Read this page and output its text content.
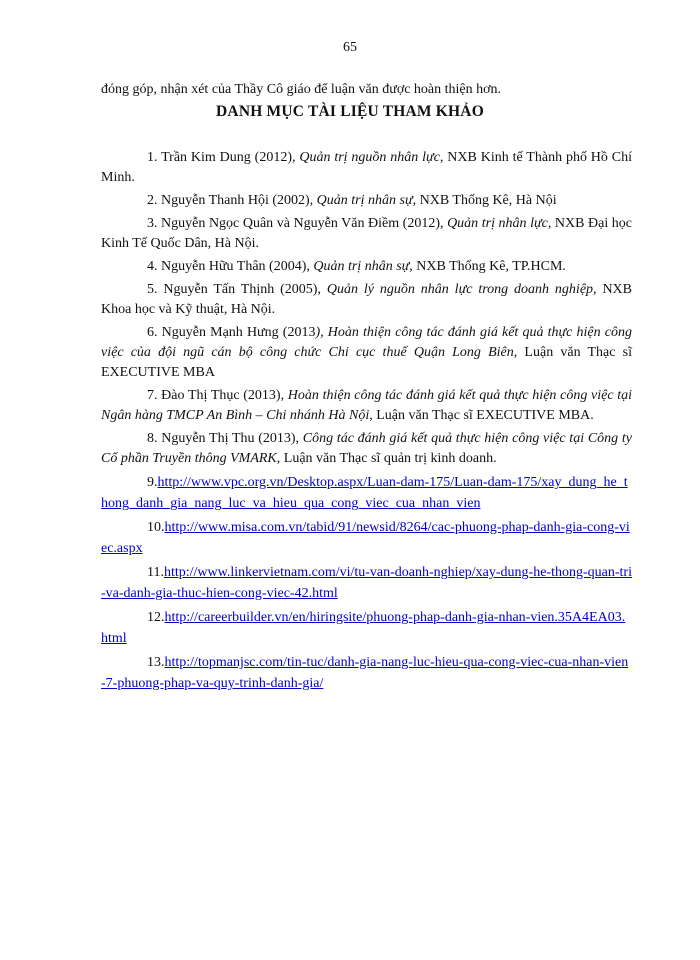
65
đóng góp, nhận xét của Thầy Cô giáo để luận văn được hoàn thiện hơn.
DANH MỤC TÀI LIỆU THAM KHẢO

1. Trần Kim Dung (2012), Quản trị nguồn nhân lực, NXB Kinh tế Thành phố Hồ Chí Minh.

2. Nguyễn Thanh Hội (2002), Quản trị nhân sự, NXB Thống Kê, Hà Nội

3. Nguyễn Ngọc Quân và Nguyễn Văn Điềm (2012), Quản trị nhân lực, NXB Đại học Kinh Tế Quốc Dân, Hà Nội.

4. Nguyễn Hữu Thân (2004), Quản trị nhân sự, NXB Thống Kê, TP.HCM.

5. Nguyễn Tấn Thịnh (2005), Quản lý nguồn nhân lực trong doanh nghiệp, NXB Khoa học và Kỹ thuật, Hà Nội.

6. Nguyễn Mạnh Hưng (2013), Hoàn thiện công tác đánh giá kết quả thực hiện công việc của đội ngũ cán bộ công chức Chi cục thuế Quận Long Biên, Luận văn Thạc sĩ EXECUTIVE MBA

7. Đào Thị Thục (2013), Hoàn thiện công tác đánh giá kết quả thực hiện công việc tại Ngân hàng TMCP An Bình – Chi nhánh Hà Nội, Luận văn Thạc sĩ EXECUTIVE MBA.

8. Nguyễn Thị Thu (2013), Công tác đánh giá kết quả thực hiện công việc tại Công ty Cổ phần Truyền thông VMARK, Luận văn Thạc sĩ quản trị kinh doanh.

9.http://www.vpc.org.vn/Desktop.aspx/Luan-dam-175/Luan-dam-175/xay_dung_he_thong_danh_gia_nang_luc_va_hieu_qua_cong_viec_cua_nhan_vien

10.http://www.misa.com.vn/tabid/91/newsid/8264/cac-phuong-phap-danh-gia-cong-viec.aspx

11.http://www.linkervietnam.com/vi/tu-van-doanh-nghiep/xay-dung-he-thong-quan-tri-va-danh-gia-thuc-hien-cong-viec-42.html

12.http://careerbuilder.vn/en/hiringsite/phuong-phap-danh-gia-nhan-vien.35A4EA03.html

13.http://topmanjsc.com/tin-tuc/danh-gia-nang-luc-hieu-qua-cong-viec-cua-nhan-vien-7-phuong-phap-va-quy-trinh-danh-gia/
